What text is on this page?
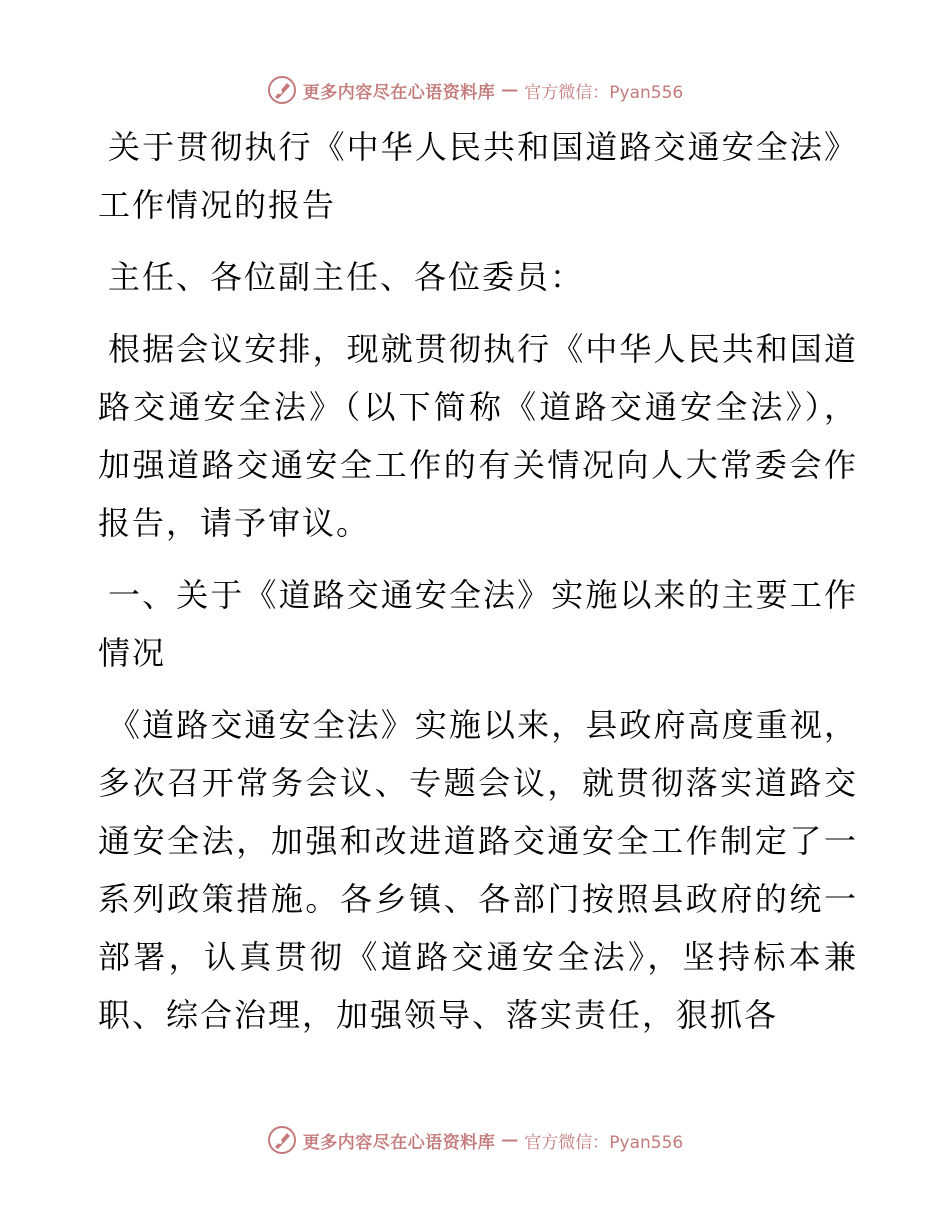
更多内容尽在心语资料库 — 官方微信：Pyan556

关于贯彻执行《中华人民共和国道路交通安全法》工作情况的报告

主任、各位副主任、各位委员：

根据会议安排，现就贯彻执行《中华人民共和国道路交通安全法》（以下简称《道路交通安全法》），加强道路交通安全工作的有关情况向人大常委会作报告，请予审议。

一、关于《道路交通安全法》实施以来的主要工作情况

《道路交通安全法》实施以来，县政府高度重视，多次召开常务会议、专题会议，就贯彻落实道路交通安全法，加强和改进道路交通安全工作制定了一系列政策措施。各乡镇、各部门按照县政府的统一部署，认真贯彻《道路交通安全法》，坚持标本兼职、综合治理，加强领导、落实责任，狠抓各

更多内容尽在心语资料库 — 官方微信：Pyan556
